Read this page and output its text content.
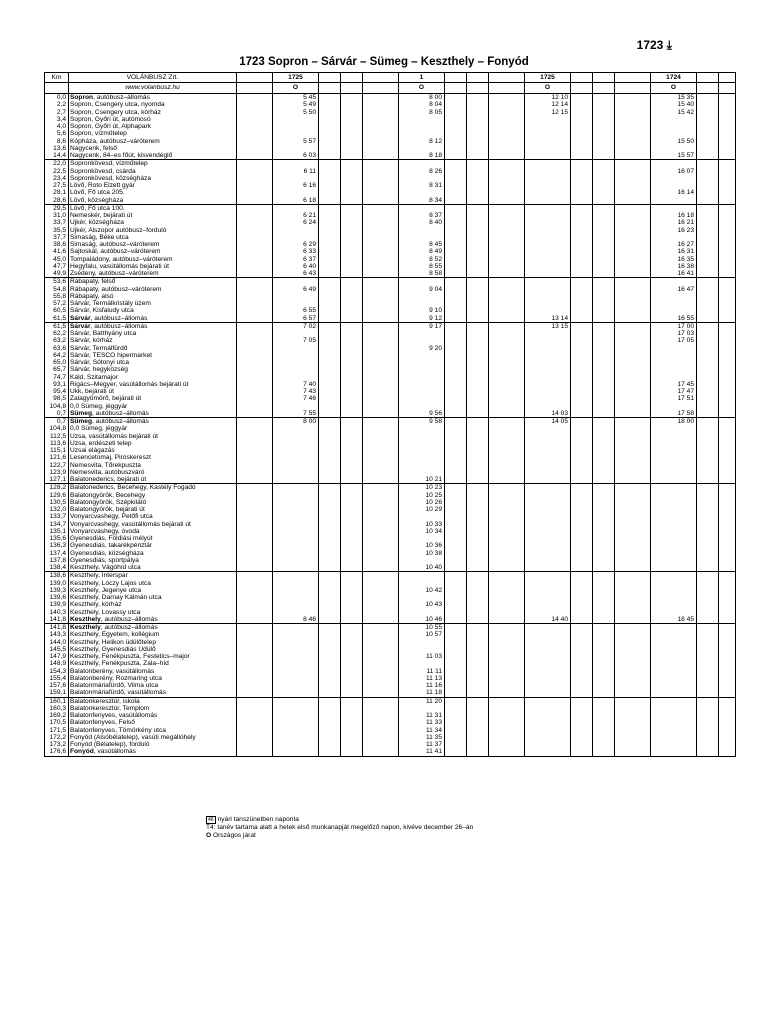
1723 ⤓
1723 Sopron – Sárvár – Sümeg – Keszthely – Fonyód
Km	VOLÁNBUSZ Zrt.		1725				1				1725				1724		
	www.volanbusz.hu		O				O				O				O		
0,0	Sopron, autóbusz–állomás		5 45				8 00				12 10				15 35		
2,2	Sopron, Csengery utca, nyomda		5 49				8 04				12 14				15 40		
2,7	Sopron, Csengery utca, kórház		5 50				8 05				12 15				15 42		
3,4	Sopron, Győri út, autómosó																
4,0	Sopron, Győri út, Alphapark																
5,6	Sopron, vízműtelep																
8,6	Kópháza, autóbusz–váróterem		5 57				8 12								15 50		
13,6	Nagycenk, felső																
14,4	Nagycenk, 84–es főút, kisvendéglő		6 03				8 18								15 57		
22,0	Sopronkövesd, vízműtelep																
22,5	Sopronkövesd, csárda		6 11				8 26								16 07		
23,4	Sopronkövesd, községháza																
27,5	Lövő, Roto Elzett gyár		6 16				8 31										
28,1	Lövő, Fő utca 205.														16 14		
28,6	Lövő, községháza		6 18				8 34										
29,5	Lövő, Fő utca 100.																
31,0	Nemeskér, bejárati út		6 21				8 37								16 18		
33,7	Újkér, községháza		6 24				8 40								16 21		
35,5	Újkér, Alszopor autóbusz–forduló														16 23		
37,7	Simaság, Béke utca																
38,6	Simaság, autóbusz–váróterem		6 29				8 45								16 27		
41,6	Sajtoskál, autóbusz–váróterem		6 33				8 49								16 31		
45,0	Tompaládony, autóbusz–váróterem		6 37				8 52								16 35		
47,7	Hegyfalu, vasútállomás bejárati út		6 40				8 55								16 38		
49,9	Zsédeny, autóbusz–váróterem		6 43				8 58								16 41		
53,6	Rábapaty, felső																
54,8	Rábapaty, autóbusz–váróterem		6 49				9 04								16 47		
55,8	Rábapaty, alsó																
57,2	Sárvár, Termálkristály üzem																
60,5	Sárvár, Kisfaludy utca		6 55				9 10										
61,5	Sárvár, autóbusz–állomás		6 57				9 12				13 14				16 55		
61,5	Sárvár, autóbusz–állomás		7 02				9 17				13 15				17 00		
62,2	Sárvár, Batthyány utca														17 03		
63,2	Sárvár, kórház		7 05												17 05		
63,6	Sárvár, Termálfürdő						9 20										
64,2	Sárvár, TESCO hipermarket																
65,0	Sárvár, Sótonyi utca																
65,7	Sárvár, hegyközség																
74,7	Káld, Szitamajor																
93,1	Rigács–Megyer, vasútállomás bejárati út		7 40												17 45		
95,4	Ukk, bejárati út		7 43												17 47		
98,5	Zalagyömörő, bejárati út		7 46												17 51		
104,8	0,0 Sümeg, jéggyár																
0,7	Sümeg, autóbusz–állomás		7 55				9 56				14 03				17 58		
0,7	Sümeg, autóbusz–állomás		8 00				9 58				14 05				18 00		
104,8	0,0 Sümeg, jéggyár																
112,5	Uzsa, vasútállomás bejárati út																
113,6	Uzsa, erdészeti telep																
115,1	Uzsai elágazás																
121,6	Lesencetomaj, Piroskereszt																
122,7	Nemesvita, Tőrekpuszta																
123,9	Nemesvita, autóbuszváró																
127,1	Balatonederics, bejárati út						10 21										
128,2	Balatonederics, Becehegy, Kastély Fogadó						10 23										
129,6	Balatongyörök, Becehegy						10 25										
130,5	Balatongyörök, Szépkilátó						10 26										
132,0	Balatongyörök, bejárati út						10 29										
133,7	Vonyarcvashegy, Petőfi utca																
134,7	Vonyarcvashegy, vasútállomás bejárati út						10 33										
135,1	Vonyarcvashegy, óvoda						10 34										
135,6	Gyenesdiás, Földiási mélyút																
136,3	Gyenesdiás, takarékpénztár						10 36										
137,4	Gyenesdiás, községháza						10 38										
137,8	Gyenesdiás, sportpálya																
138,4	Keszthely, Vágóhíd utca						10 40										
138,6	Keszthely, Interspar																
139,0	Keszthely, Lóczy Lajos utca																
139,3	Keszthely, Jegenye utca						10 42										
139,6	Keszthely, Darnay Kálmán utca																
139,9	Keszthely, kórház						10 43										
140,3	Keszthely, Lovassy utca																
141,8	Keszthely, autóbusz–állomás		8 46				10 46				14 40				18 45		
141,8	Keszthely, autóbusz–állomás						10 55										
143,3	Keszthely, Egyetem, kollégium						10 57										
144,0	Keszthely, Helikon üdülőtelep																
145,5	Keszthely, Gyenesdiás Üdülő																
147,9	Keszthely, Fenékpuszta, Festetics–major						11 03										
148,9	Keszthely, Fenékpuszta, Zala–híd																
154,3	Balatonberény, vasútállomás						11 11										
155,4	Balatonberény, Rozmaring utca						11 13										
157,6	Balatonmáriafürdő, Vilma utca						11 16										
159,1	Balatonmáriafürdő, vasútállomás						11 18										
160,1	Balatonkeresztúr, iskola						11 20										
160,3	Balatonkeresztúr, Templom																
169,2	Balatonfenyves, vasútállomás						11 31										
170,5	Balatonfenyves, Felső						11 33										
171,5	Balatonfenyves, Tömörkény utca						11 34										
172,2	Fonyód (Alsóbélatelep), vasúti megállóhely						11 35										
173,2	Fonyód (Bélatelep), forduló						11 37										
176,6	Fonyód, vasútállomás						11 41										
46 nyári tanszünetben naponta
T4: tanév tartama alatt a hetek első munkanapját megelőző napon, kivéve december 26–án
O Országos járat
